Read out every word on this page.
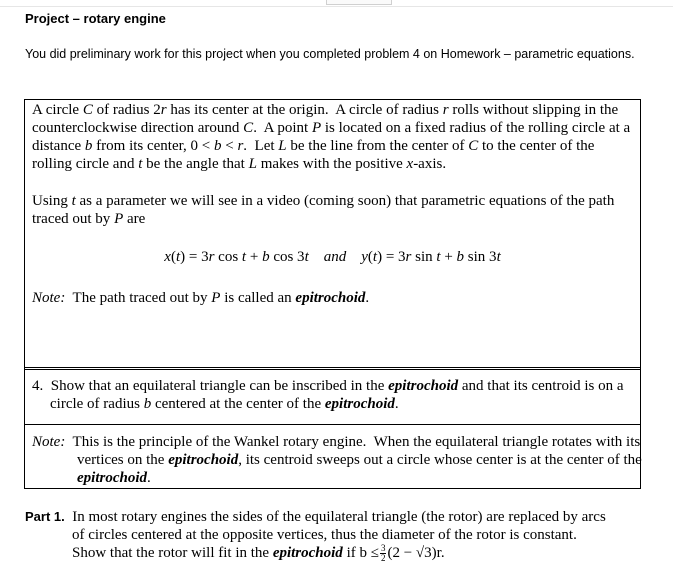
Project – rotary engine

You did preliminary work for this project when you completed problem 4 on Homework – parametric equations.

A circle C of radius 2r has its center at the origin.  A circle of radius r rolls without slipping in the counterclockwise direction around C.  A point P is located on a fixed radius of the rolling circle at a distance b from its center, 0 < b < r.  Let L be the line from the center of C to the center of the rolling circle and t be the angle that L makes with the positive x-axis.

Using t as a parameter we will see in a video (coming soon) that parametric equations of the path traced out by P are

x(t) = 3r cos t + b cos 3t and y(t) = 3r sin t + b sin 3t

Note:  The path traced out by P is called an epitrochoid.

4.  Show that an equilateral triangle can be inscribed in the epitrochoid and that its centroid is on a circle of radius b centered at the center of the epitrochoid.

Note:  This is the principle of the Wankel rotary engine.  When the equilateral triangle rotates with its vertices on the epitrochoid, its centroid sweeps out a circle whose center is at the center of the epitrochoid.

Part 1. In most rotary engines the sides of the equilateral triangle (the rotor) are replaced by arcs
of circles centered at the opposite vertices, thus the diameter of the rotor is constant.
Show that the rotor will fit in the epitrochoid if $b \le \frac{3}{2} (2 - √3)r$.
